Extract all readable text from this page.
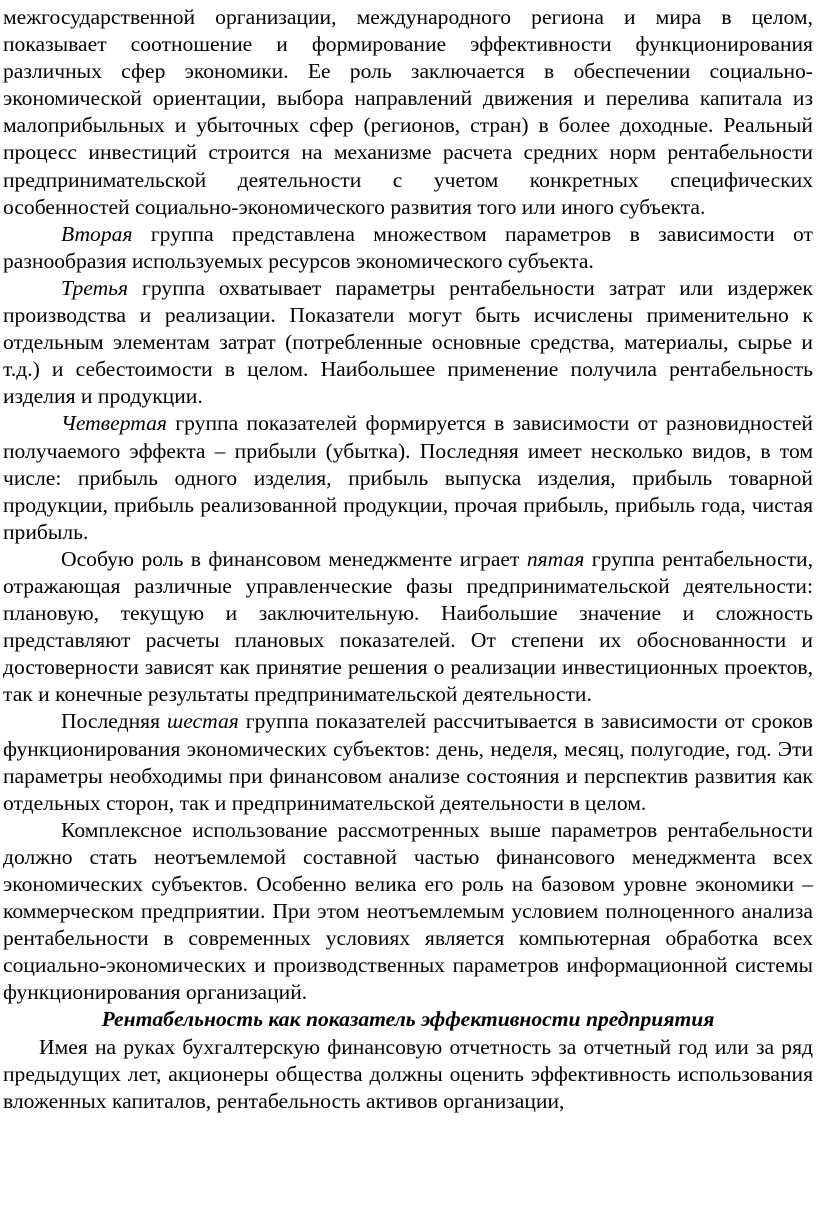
межгосударственной организации, международного региона и мира в целом, показывает соотношение и формирование эффективности функционирования различных сфер экономики. Ее роль заключается в обеспечении социально-экономической ориентации, выбора направлений движения и перелива капитала из малоприбыльных и убыточных сфер (регионов, стран) в более доходные. Реальный процесс инвестиций строится на механизме расчета средних норм рентабельности предпринимательской деятельности с учетом конкретных специфических особенностей социально-экономического развития того или иного субъекта.

Вторая группа представлена множеством параметров в зависимости от разнообразия используемых ресурсов экономического субъекта.

Третья группа охватывает параметры рентабельности затрат или издержек производства и реализации. Показатели могут быть исчислены применительно к отдельным элементам затрат (потребленные основные средства, материалы, сырье и т.д.) и себестоимости в целом. Наибольшее применение получила рентабельность изделия и продукции.

Четвертая группа показателей формируется в зависимости от разновидностей получаемого эффекта – прибыли (убытка). Последняя имеет несколько видов, в том числе: прибыль одного изделия, прибыль выпуска изделия, прибыль товарной продукции, прибыль реализованной продукции, прочая прибыль, прибыль года, чистая прибыль.

Особую роль в финансовом менеджменте играет пятая группа рентабельности, отражающая различные управленческие фазы предпринимательской деятельности: плановую, текущую и заключительную. Наибольшие значение и сложность представляют расчеты плановых показателей. От степени их обоснованности и достоверности зависят как принятие решения о реализации инвестиционных проектов, так и конечные результаты предпринимательской деятельности.

Последняя шестая группа показателей рассчитывается в зависимости от сроков функционирования экономических субъектов: день, неделя, месяц, полугодие, год. Эти параметры необходимы при финансовом анализе состояния и перспектив развития как отдельных сторон, так и предпринимательской деятельности в целом.

Комплексное использование рассмотренных выше параметров рентабельности должно стать неотъемлемой составной частью финансового менеджмента всех экономических субъектов. Особенно велика его роль на базовом уровне экономики – коммерческом предприятии. При этом неотъемлемым условием полноценного анализа рентабельности в современных условиях является компьютерная обработка всех социально-экономических и производственных параметров информационной системы функционирования организаций.

Рентабельность как показатель эффективности предприятия

Имея на руках бухгалтерскую финансовую отчетность за отчетный год или за ряд предыдущих лет, акционеры общества должны оценить эффективность использования вложенных капиталов, рентабельность активов организации,
